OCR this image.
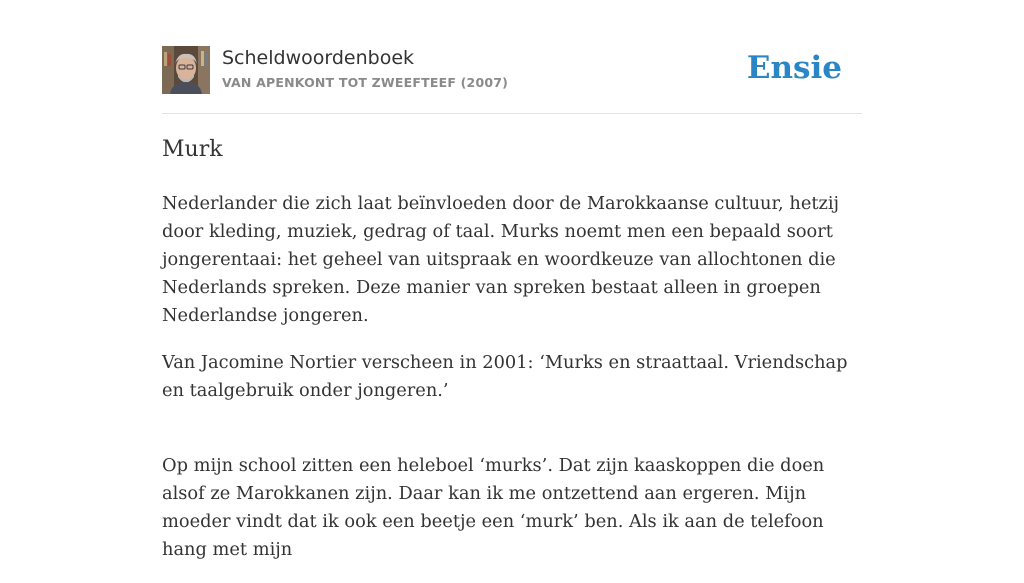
Scheldwoordenboek
VAN APENKONT TOT ZWEEFTEEF (2007)	Ensie
Murk

Nederlander die zich laat beïnvloeden door de Marokkaanse cultuur, hetzij door kleding, muziek, gedrag of taal. Murks noemt men een bepaald soort jongerentaai: het geheel van uitspraak en woordkeuze van allochtonen die Nederlands spreken. Deze manier van spreken bestaat alleen in groepen Nederlandse jongeren.

Van Jacomine Nortier verscheen in 2001: ‘Murks en straattaal. Vriendschap en taalgebruik onder jongeren.’

Op mijn school zitten een heleboel ‘murks’. Dat zijn kaaskoppen die doen alsof ze Marokkanen zijn. Daar kan ik me ontzettend aan ergeren. Mijn moeder vindt dat ik ook een beetje een ‘murk’ ben. Als ik aan de telefoon hang met mijn
